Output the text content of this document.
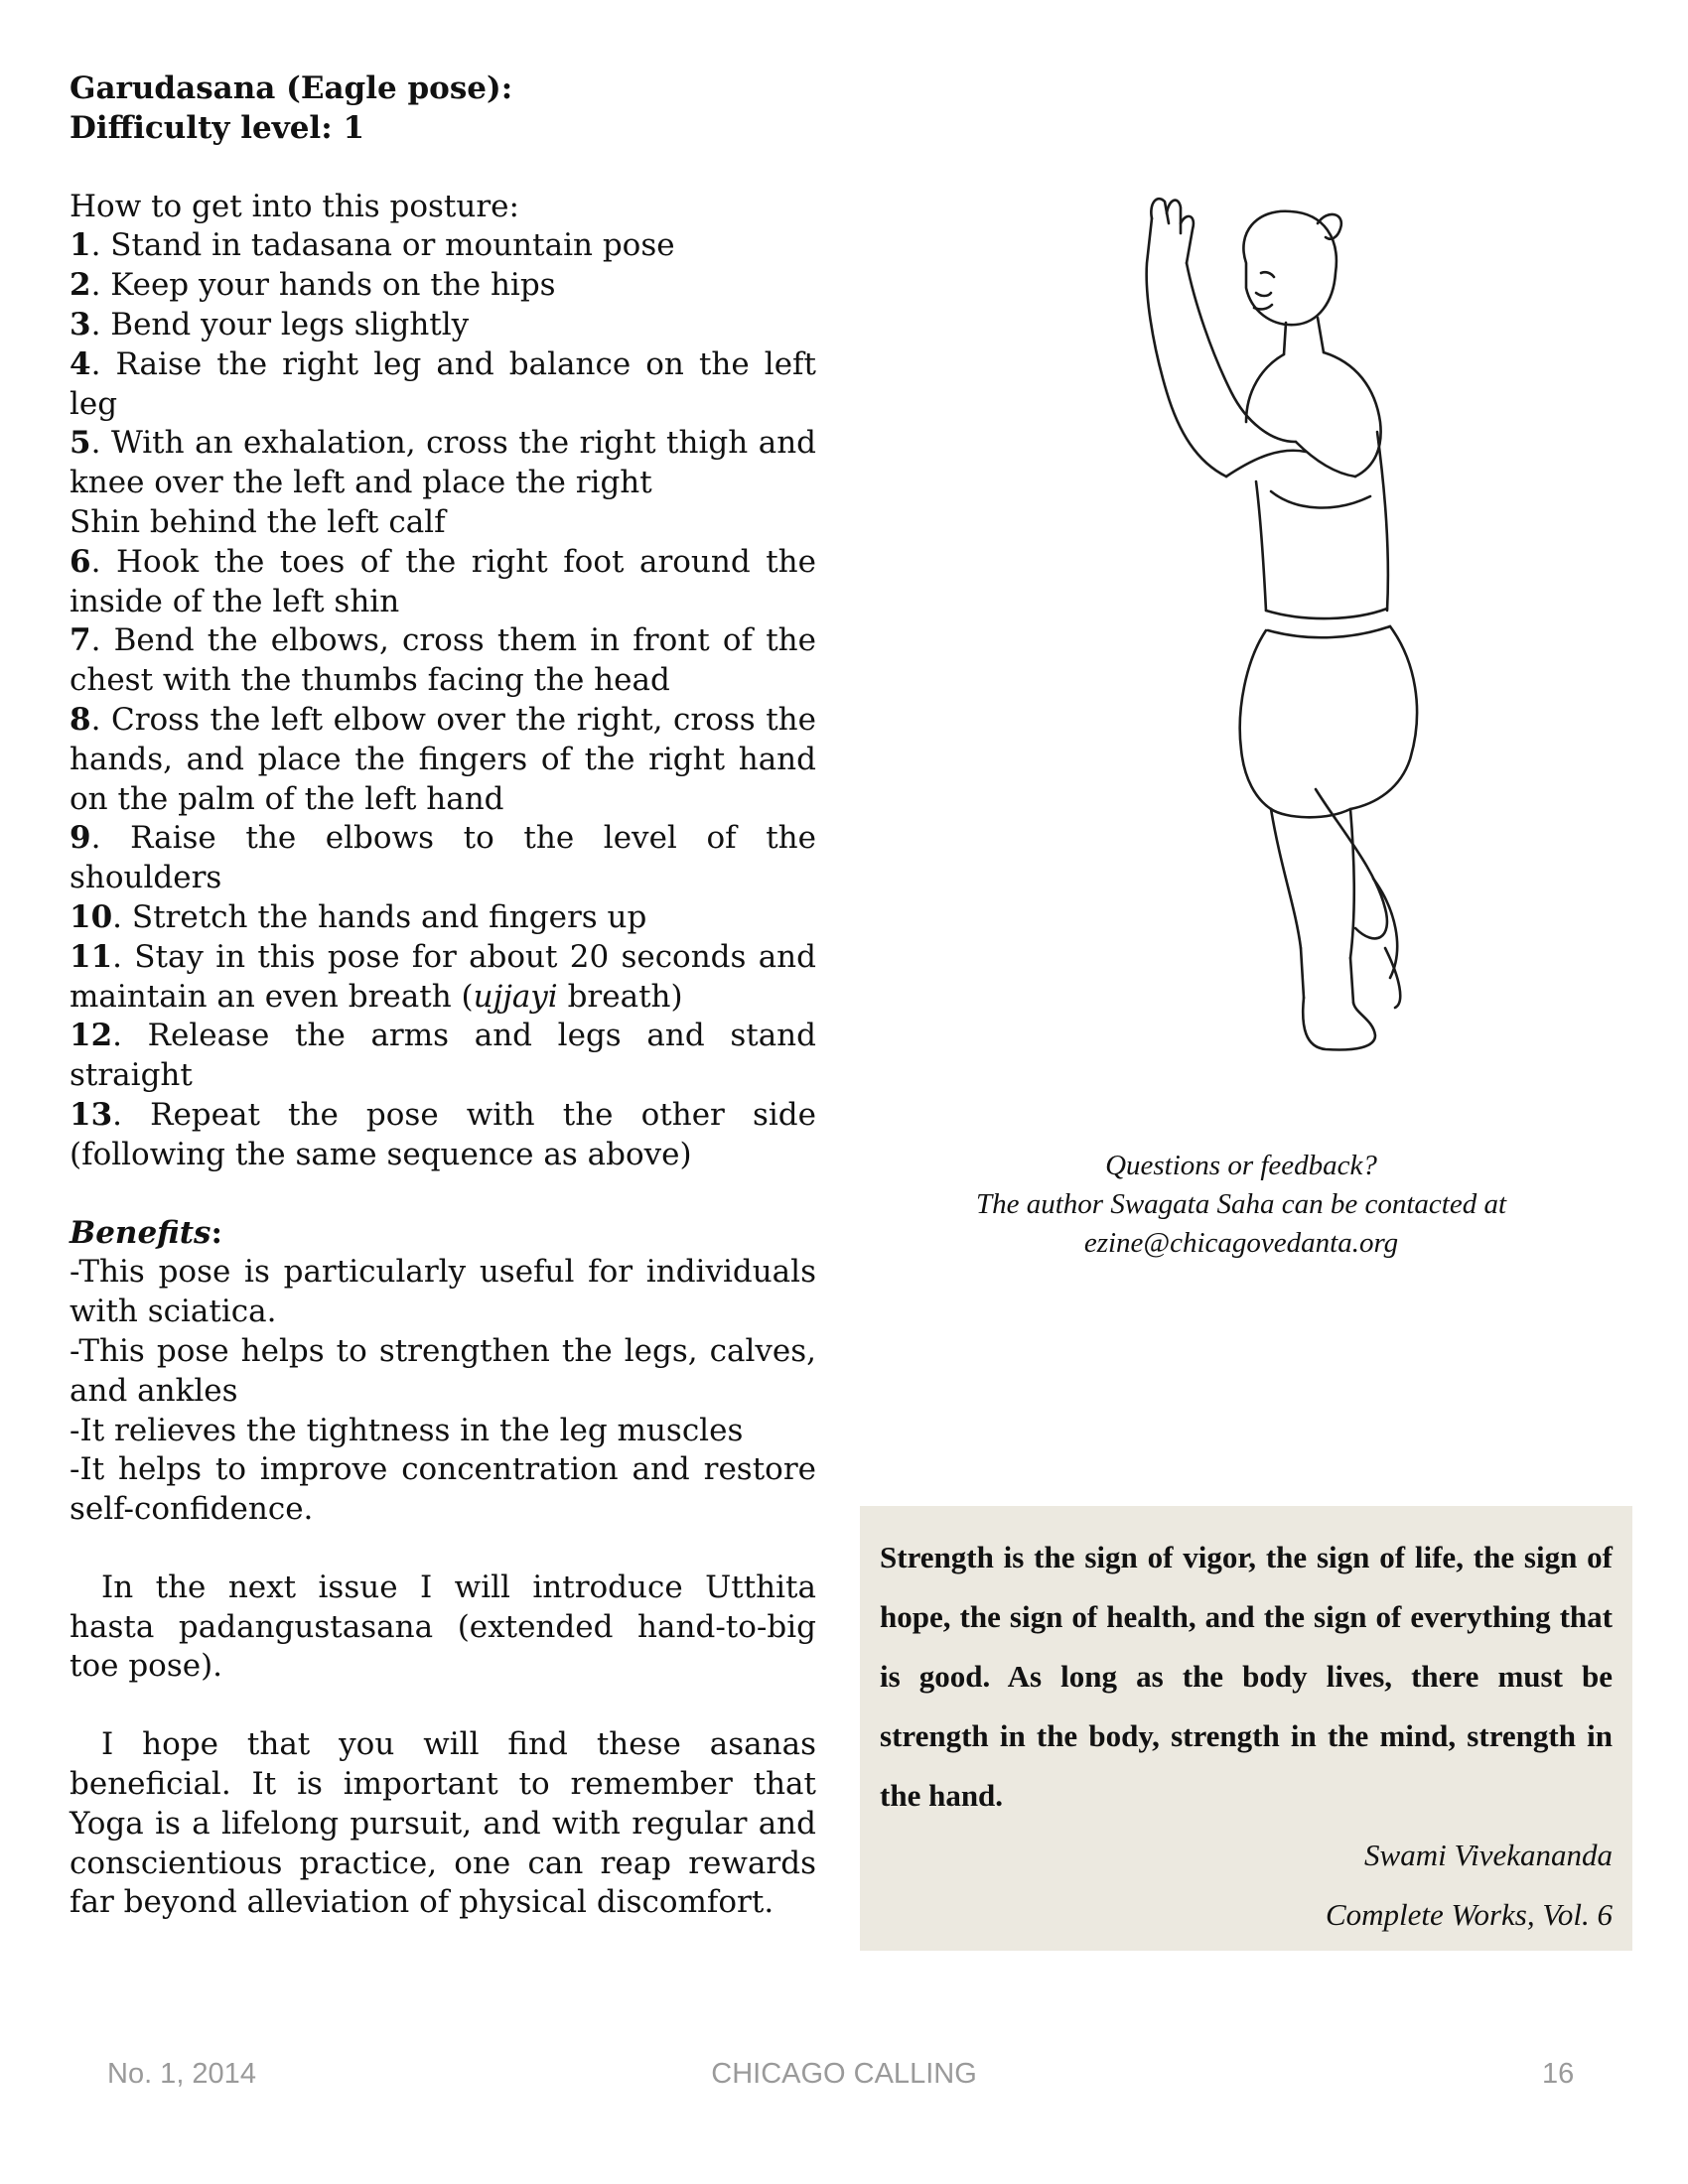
Garudasana (Eagle pose):

Difficulty level: 1

How to get into this posture:

1. Stand in tadasana or mountain pose

2. Keep your hands on the hips

3. Bend your legs slightly

4. Raise the right leg and balance on the left leg

5. With an exhalation, cross the right thigh and knee over the left and place the right

Shin behind the left calf

6. Hook the toes of the right foot around the inside of the left shin

7. Bend the elbows, cross them in front of the chest with the thumbs facing the head

8. Cross the left elbow over the right, cross the hands, and place the fingers of the right hand on the palm of the left hand

9. Raise the elbows to the level of the shoulders

10. Stretch the hands and fingers up

11. Stay in this pose for about 20 seconds and maintain an even breath (ujjayi breath)

12. Release the arms and legs and stand straight

13. Repeat the pose with the other side (following the same sequence as above)

Benefits:

-This pose is particularly useful for individuals with sciatica.

-This pose helps to strengthen the legs, calves, and ankles

-It relieves the tightness in the leg muscles

-It helps to improve concentration and restore self-confidence.

In the next issue I will introduce Utthita hasta padangustasana (extended hand-to-big toe pose).

I hope that you will find these asanas beneficial. It is important to remember that Yoga is a lifelong pursuit, and with regular and conscientious practice, one can reap rewards far beyond alleviation of physical discomfort.

Questions or feedback?
The author Swagata Saha can be contacted at
ezine@chicagovedanta.org

Strength is the sign of vigor, the sign of life, the sign of hope, the sign of health, and the sign of everything that is good. As long as the body lives, there must be strength in the body, strength in the mind, strength in the hand.

Swami Vivekananda

Complete Works, Vol. 6

No. 1, 2014	CHICAGO CALLING	16
